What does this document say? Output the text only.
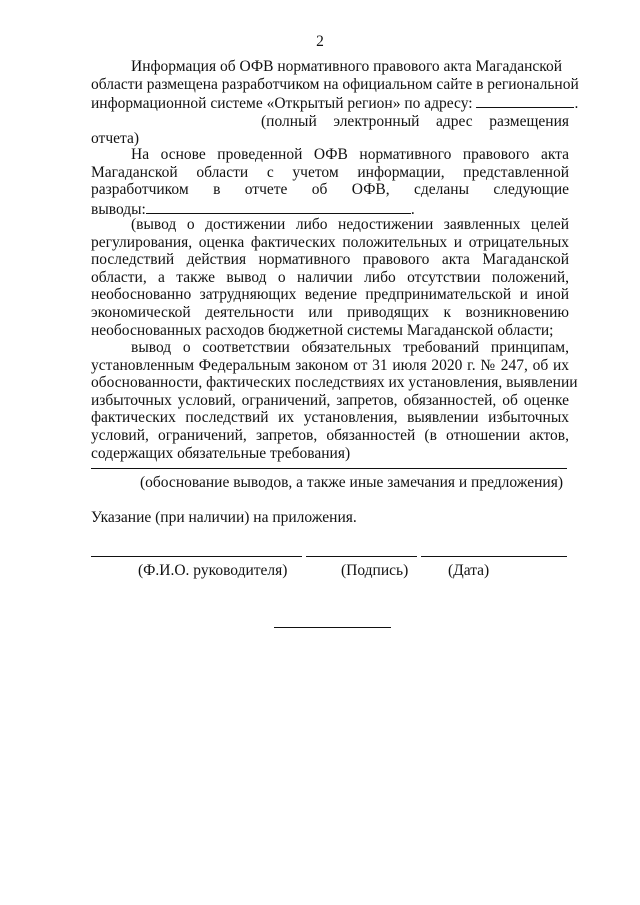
2
Информация об ОФВ нормативного правового акта Магаданской
области размещена разработчиком на официальном сайте в региональной
информационной системе «Открытый регион» по адресу:	.
(полный электронный адрес размещения
отчета)
На основе проведенной ОФВ нормативного правового акта
Магаданской области с учетом информации, представленной
разработчиком в отчете об ОФВ, сделаны следующие
выводы:	.
(вывод о достижении либо недостижении заявленных целей
регулирования, оценка фактических положительных и отрицательных
последствий действия нормативного правового акта Магаданской
области, а также вывод о наличии либо отсутствии положений,
необоснованно затрудняющих ведение предпринимательской и иной
экономической деятельности или приводящих к возникновению
необоснованных расходов бюджетной системы Магаданской области;
вывод о соответствии обязательных требований принципам,
установленным Федеральным законом от 31 июля 2020 г. № 247, об их
обоснованности, фактических последствиях их установления, выявлении
избыточных условий, ограничений, запретов, обязанностей, об оценке
фактических последствий их установления, выявлении избыточных
условий, ограничений, запретов, обязанностей (в отношении актов,
содержащих обязательные требования)
(обоснование выводов, а также иные замечания и предложения)
Указание (при наличии) на приложения.
(Ф.И.О. руководителя)	(Подпись)	(Дата)
